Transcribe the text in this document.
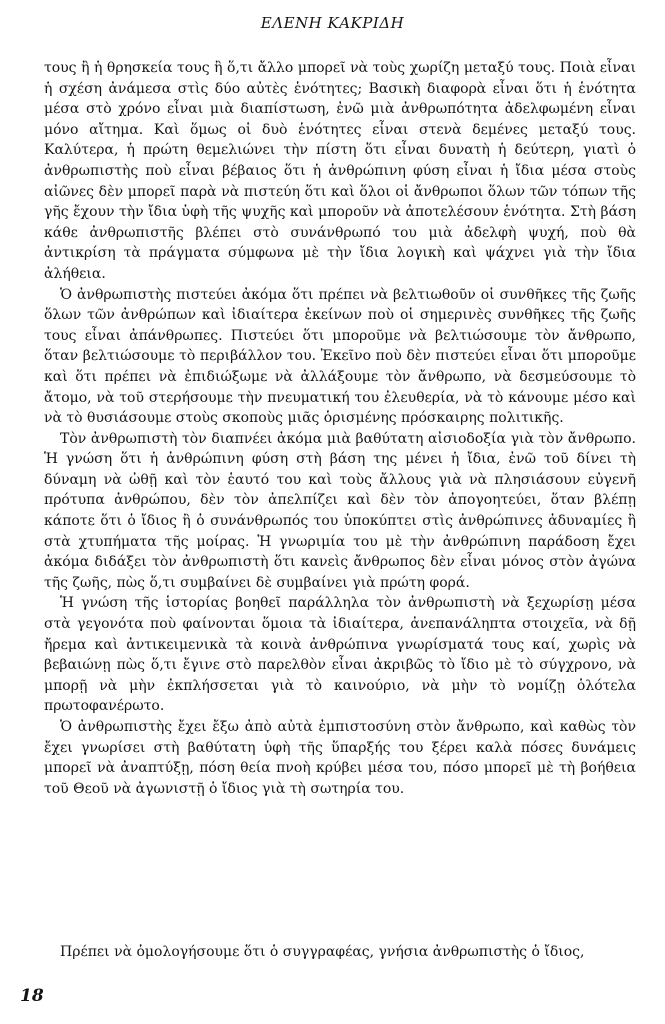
ΕΛΕΝΗ ΚΑΚΡΙΔΗ

τους ἢ ἡ θρησκεία τους ἢ ὅ,τι ἄλλο μπορεῖ νὰ τοὺς χωρίζη μεταξύ τους. Ποιὰ εἶναι ἡ σχέση ἀνάμεσα στὶς δύο αὐτὲς ἑνότητες; Βασικὴ διαφορὰ εἶναι ὅτι ἡ ἑνότητα μέσα στὸ χρόνο εἶναι μιὰ διαπίστωση, ἐνῶ μιὰ ἀνθρωπότητα ἀδελφωμένη εἶναι μόνο αἴτημα. Καὶ ὅμως οἱ δυὸ ἑνότητες εἶναι στενὰ δεμένες μεταξύ τους. Καλύτερα, ἡ πρώτη θεμελιώνει τὴν πίστη ὅτι εἶναι δυνατὴ ἡ δεύτερη, γιατὶ ὁ ἀνθρωπιστὴς ποὺ εἶναι βέβαιος ὅτι ἡ ἀνθρώπινη φύση εἶναι ἡ ἴδια μέσα στοὺς αἰῶνες δὲν μπορεῖ παρὰ νὰ πιστεύη ὅτι καὶ ὅλοι οἱ ἄνθρωποι ὅλων τῶν τόπων τῆς γῆς ἔχουν τὴν ἴδια ὑφὴ τῆς ψυχῆς καὶ μποροῦν νὰ ἀποτελέσουν ἑνότητα. Στὴ βάση κάθε ἀνθρωπιστῆς βλέπει στὸ συνάνθρωπό του μιὰ ἀδελφὴ ψυχή, ποὺ θὰ ἀντικρίση τὰ πράγματα σύμφωνα μὲ τὴν ἴδια λογικὴ καὶ ψάχνει γιὰ τὴν ἴδια ἀλήθεια.

Ὁ ἀνθρωπιστὴς πιστεύει ἀκόμα ὅτι πρέπει νὰ βελτιωθοῦν οἱ συνθῆκες τῆς ζωῆς ὅλων τῶν ἀνθρώπων καὶ ἰδιαίτερα ἐκείνων ποὺ οἱ σημερινὲς συνθῆκες τῆς ζωῆς τους εἶναι ἀπάνθρωπες. Πιστεύει ὅτι μποροῦμε νὰ βελτιώσουμε τὸν ἄνθρωπο, ὅταν βελτιώσουμε τὸ περιβάλλον του. Ἐκεῖνο ποὺ δὲν πιστεύει εἶναι ὅτι μποροῦμε καὶ ὅτι πρέπει νὰ ἐπιδιώξωμε νὰ ἀλλάξουμε τὸν ἄνθρωπο, νὰ δεσμεύσουμε τὸ ἄτομο, νὰ τοῦ στερήσουμε τὴν πνευματική του ἐλευθερία, νὰ τὸ κάνουμε μέσο καὶ νὰ τὸ θυσιάσουμε στοὺς σκοποὺς μιᾶς ὁρισμένης πρόσκαιρης πολιτικῆς.

Τὸν ἀνθρωπιστὴ τὸν διαπνέει ἀκόμα μιὰ βαθύτατη αἰσιοδοξία γιὰ τὸν ἄνθρωπο. Ἡ γνώση ὅτι ἡ ἀνθρώπινη φύση στὴ βάση της μένει ἡ ἴδια, ἐνῶ τοῦ δίνει τὴ δύναμη νὰ ὠθῇ καὶ τὸν ἑαυτό του καὶ τοὺς ἄλλους γιὰ νὰ πλησιάσουν εὐγενῆ πρότυπα ἀνθρώπου, δὲν τὸν ἀπελπίζει καὶ δὲν τὸν ἀπογοητεύει, ὅταν βλέπῃ κάποτε ὅτι ὁ ἴδιος ἢ ὁ συνάνθρωπός του ὑποκύπτει στὶς ἀνθρώπινες ἀδυναμίες ἢ στὰ χτυπήματα τῆς μοίρας. Ἡ γνωριμία του μὲ τὴν ἀνθρώπινη παράδοση ἔχει ἀκόμα διδάξει τὸν ἀνθρωπιστὴ ὅτι κανεὶς ἄνθρωπος δὲν εἶναι μόνος στὸν ἀγώνα τῆς ζωῆς, πὼς ὅ,τι συμβαίνει δὲ συμβαίνει γιὰ πρώτη φορά.

Ἡ γνώση τῆς ἱστορίας βοηθεῖ παράλληλα τὸν ἀνθρωπιστὴ νὰ ξεχωρίσῃ μέσα στὰ γεγονότα ποὺ φαίνονται ὅμοια τὰ ἰδιαίτερα, ἀνεπανάληπτα στοιχεῖα, νὰ δῇ ἤρεμα καὶ ἀντικειμενικὰ τὰ κοινὰ ἀνθρώπινα γνωρίσματά τους καί, χωρὶς νὰ βεβαιώνῃ πὼς ὅ,τι ἔγινε στὸ παρελθὸν εἶναι ἀκριβῶς τὸ ἴδιο μὲ τὸ σύγχρονο, νὰ μπορῇ νὰ μὴν ἐκπλήσσεται γιὰ τὸ καινούριο, νὰ μὴν τὸ νομίζῃ ὁλότελα πρωτοφανέρωτο.

Ὁ ἀνθρωπιστὴς ἔχει ἔξω ἀπὸ αὐτὰ ἐμπιστοσύνη στὸν ἄνθρωπο, καὶ καθὼς τὸν ἔχει γνωρίσει στὴ βαθύτατη ὑφὴ τῆς ὕπαρξής του ξέρει καλὰ πόσες δυνάμεις μπορεῖ νὰ ἀναπτύξῃ, πόση θεία πνοὴ κρύβει μέσα του, πόσο μπορεῖ μὲ τὴ βοήθεια τοῦ Θεοῦ νὰ ἀγωνιστῇ ὁ ἴδιος γιὰ τὴ σωτηρία του.

Πρέπει νὰ ὁμολογήσουμε ὅτι ὁ συγγραφέας, γνήσια ἀνθρωπιστὴς ὁ ἴδιος,
18
